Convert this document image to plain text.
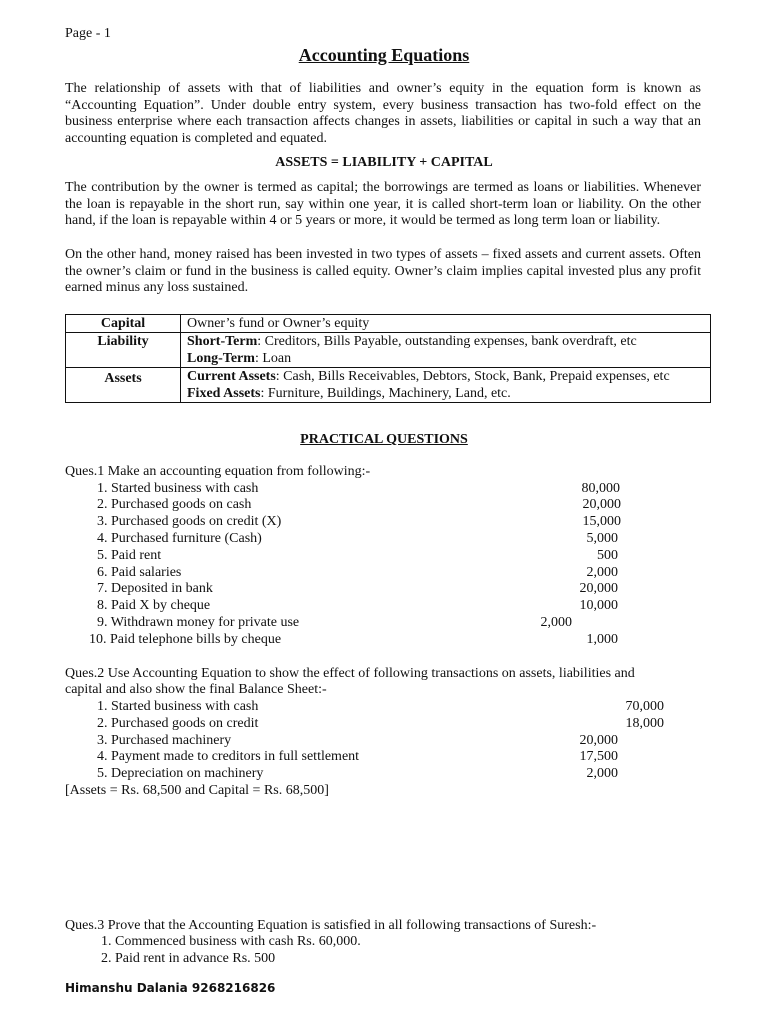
Page - 1
Accounting Equations

The relationship of assets with that of liabilities and owner’s equity in the equation form is known as “Accounting Equation”. Under double entry system, every business transaction has two-fold effect on the business enterprise where each transaction affects changes in assets, liabilities or capital in such a way that an accounting equation is completed and equated.

ASSETS = LIABILITY + CAPITAL

The contribution by the owner is termed as capital; the borrowings are termed as loans or liabilities. Whenever the loan is repayable in the short run, say within one year, it is called short-term loan or liability. On the other hand, if the loan is repayable within 4 or 5 years or more, it would be termed as long term loan or liability.

On the other hand, money raised has been invested in two types of assets – fixed assets and current assets. Often the owner’s claim or fund in the business is called equity. Owner’s claim implies capital invested plus any profit earned minus any loss sustained.

Capital	Owner’s fund or Owner’s equity
Liability	Short-Term: Creditors, Bills Payable, outstanding expenses, bank overdraft, etc
Long-Term: Loan

Assets	Current Assets: Cash, Bills Receivables, Debtors, Stock, Bank, Prepaid expenses, etc
Fixed Assets: Furniture, Buildings, Machinery, Land, etc.
PRACTICAL QUESTIONS
Ques.1 Make an accounting equation from following:-
1. Started business with cash	80,000
2. Purchased goods on cash	20,000
3. Purchased goods on credit (X)	15,000
4. Purchased furniture (Cash)	5,000
5. Paid rent	500
6. Paid salaries	2,000
7. Deposited in bank	20,000
8. Paid X by cheque	10,000
9. Withdrawn money for private use	2,000
10. Paid telephone bills by cheque	1,000
Ques.2 Use Accounting Equation to show the effect of following transactions on assets, liabilities and
capital and also show the final Balance Sheet:-
1. Started business with cash	70,000
2. Purchased goods on credit	18,000
3. Purchased machinery	20,000
4. Payment made to creditors in full settlement	17,500
5. Depreciation on machinery	2,000
[Assets = Rs. 68,500 and Capital = Rs. 68,500]
Ques.3 Prove that the Accounting Equation is satisfied in all following transactions of Suresh:-
1. Commenced business with cash Rs. 60,000.
2. Paid rent in advance Rs. 500
Himanshu Dalania 9268216826
